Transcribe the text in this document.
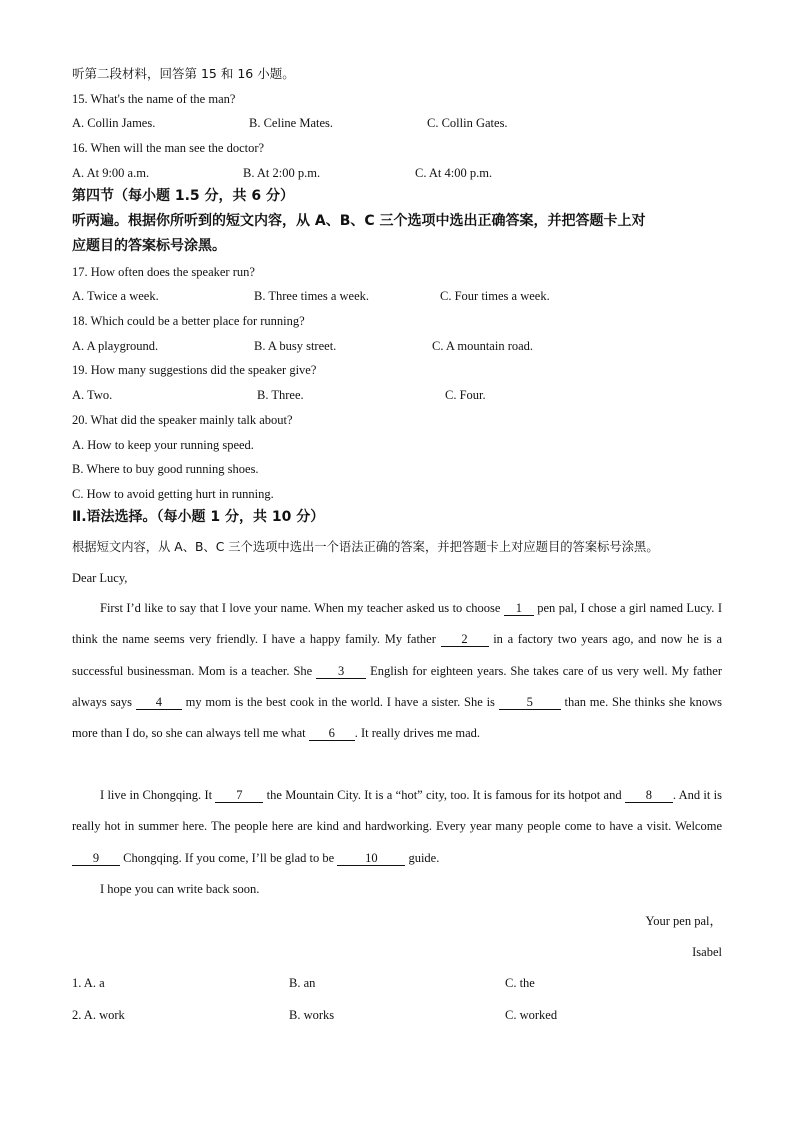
听第二段材料，回答第 15 和 16 小题。
15. What's the name of the man?
A. Collin James.	B. Celine Mates.	C. Collin Gates.
16. When will the man see the doctor?
A. At 9:00 a.m.	B. At 2:00 p.m.	C. At 4:00 p.m.
第四节（每小题 1.5 分，共 6 分）
听两遍。根据你所听到的短文内容，从 A、B、C 三个选项中选出正确答案，并把答题卡上对
应题目的答案标号涂黑。
17. How often does the speaker run?
A. Twice a week.	B. Three times a week.	C. Four times a week.
18. Which could be a better place for running?
A. A playground.	B. A busy street.	C. A mountain road.
19. How many suggestions did the speaker give?
A. Two.	B. Three.	C. Four.
20. What did the speaker mainly talk about?
A. How to keep your running speed.
B. Where to buy good running shoes.
C. How to avoid getting hurt in running.
Ⅱ.语法选择。（每小题 1 分，共 10 分）
根据短文内容，从 A、B、C 三个选项中选出一个语法正确的答案，并把答题卡上对应题目的答案标号涂黑。
Dear Lucy,
First I’d like to say that I love your name. When my teacher asked us to choose 1 pen pal, I chose a girl named Lucy. I think the name seems very friendly. I have a happy family. My father 2 in a factory two years ago, and now he is a successful businessman. Mom is a teacher. She 3 English for eighteen years. She takes care of us very well. My father always says 4 my mom is the best cook in the world. I have a sister. She is 5 than me. She thinks she knows more than I do, so she can always tell me what 6 . It really drives me mad.
I live in Chongqing. It 7 the Mountain City. It is a “hot” city, too. It is famous for its hotpot and 8 . And it is really hot in summer here. The people here are kind and hardworking. Every year many people come to have a visit. Welcome 9 Chongqing. If you come, I’ll be glad to be 10 guide.
I hope you can write back soon.
Your pen pal，
Isabel
1. A. a	B. an	C. the
2. A. work	B. works	C. worked
